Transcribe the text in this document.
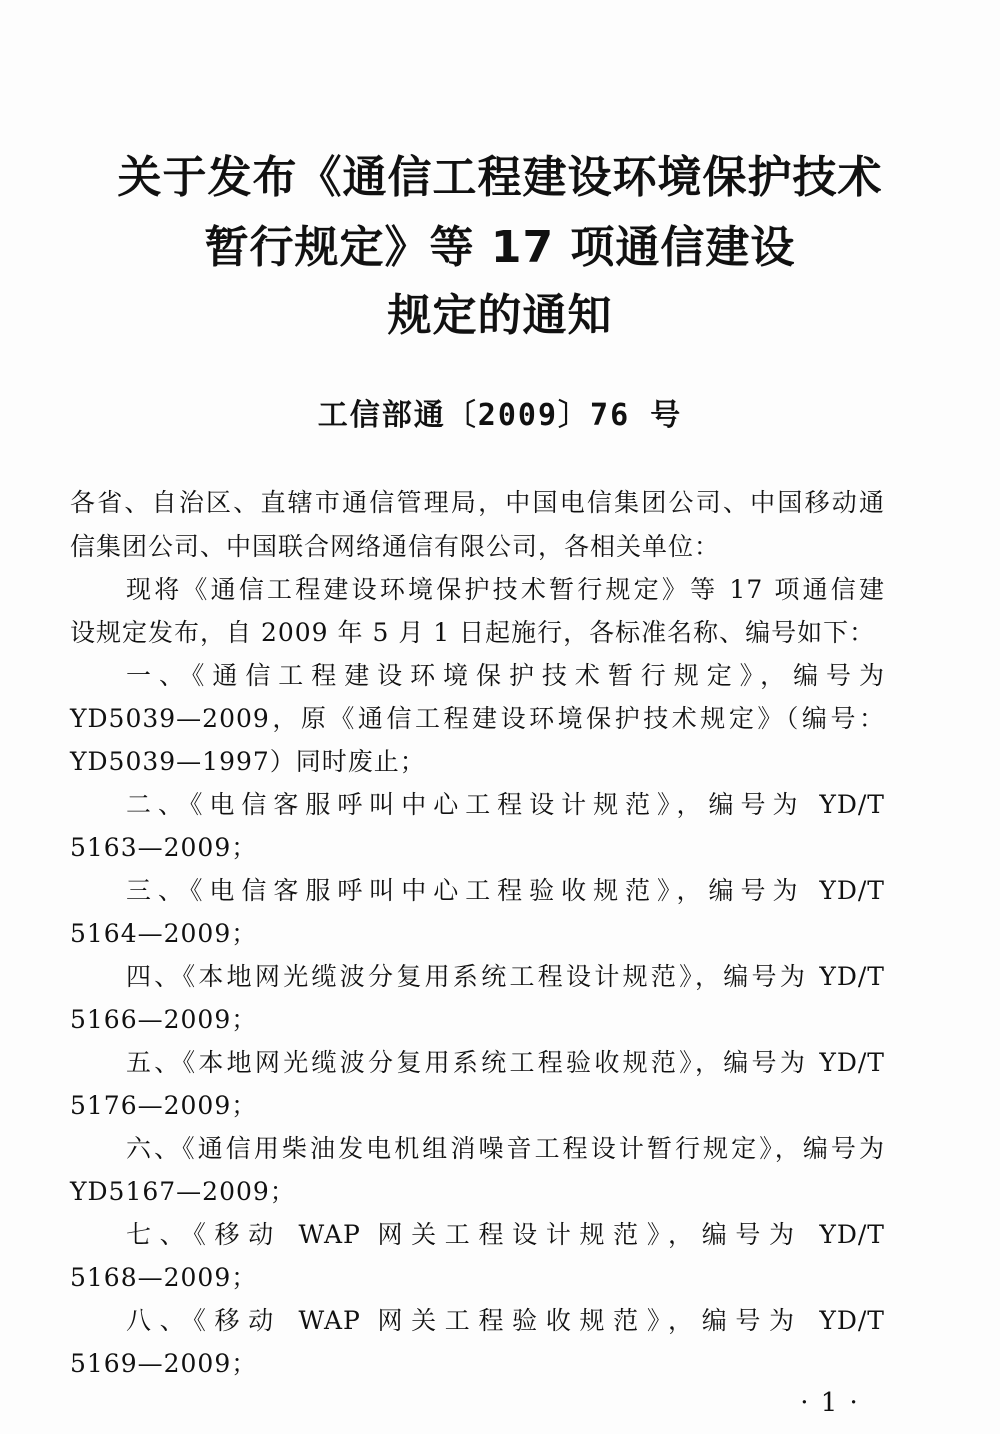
关于发布《通信工程建设环境保护技术
暂行规定》等 17 项通信建设
规定的通知

工信部通〔2009〕76 号

各省、自治区、直辖市通信管理局，中国电信集团公司、中国移动通

信集团公司、中国联合网络通信有限公司，各相关单位：

现将《通信工程建设环境保护技术暂行规定》等 17 项通信建

设规定发布，自 2009 年 5 月 1 日起施行，各标准名称、编号如下：

一、《通信工程建设环境保护技术暂行规定》，编号为

YD5039—2009，原《通信工程建设环境保护技术规定》（编号：

YD5039—1997）同时废止；

二、《电信客服呼叫中心工程设计规范》，编号为 YD/T

5163—2009；

三、《电信客服呼叫中心工程验收规范》，编号为 YD/T

5164—2009；

四、《本地网光缆波分复用系统工程设计规范》，编号为 YD/T

5166—2009；

五、《本地网光缆波分复用系统工程验收规范》，编号为 YD/T

5176—2009；

六、《通信用柴油发电机组消噪音工程设计暂行规定》，编号为

YD5167—2009；

七、《移动 WAP 网关工程设计规范》，编号为 YD/T

5168—2009；

八、《移动 WAP 网关工程验收规范》，编号为 YD/T

5169—2009；

· 1 ·
